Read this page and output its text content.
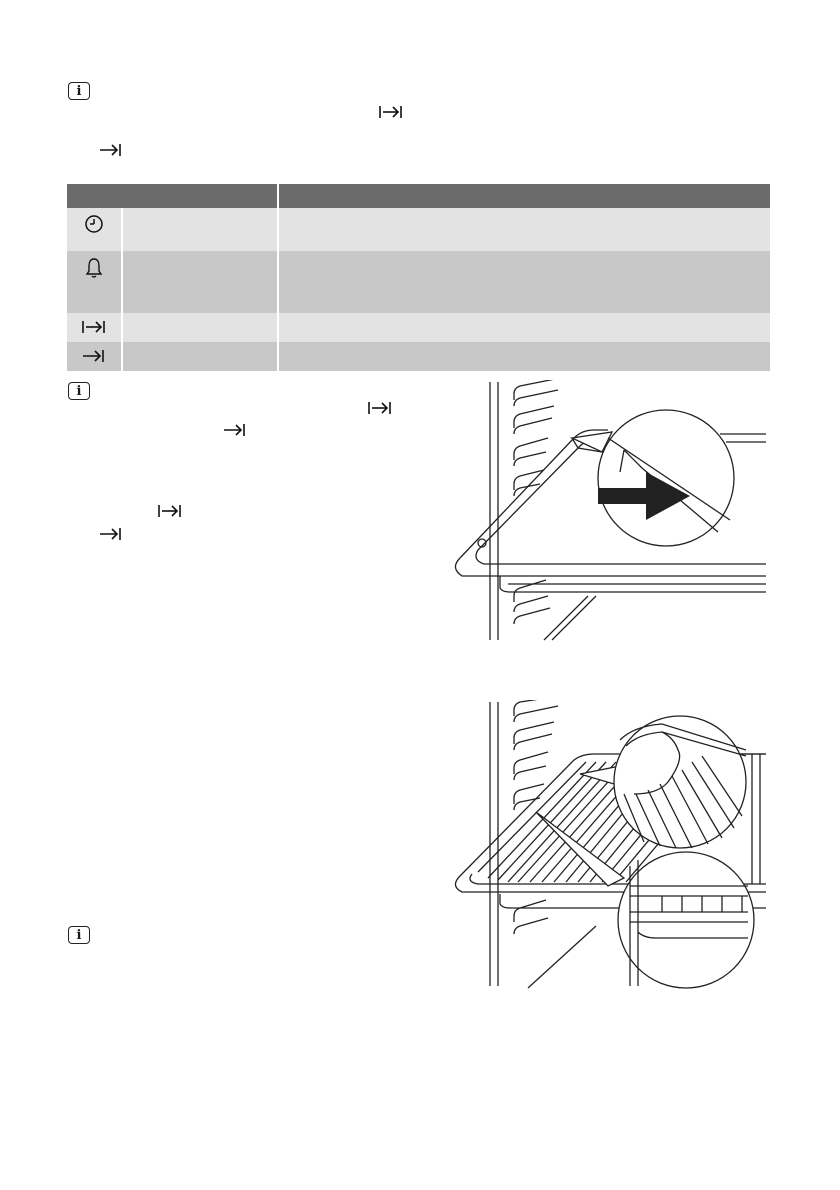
i

i
i
